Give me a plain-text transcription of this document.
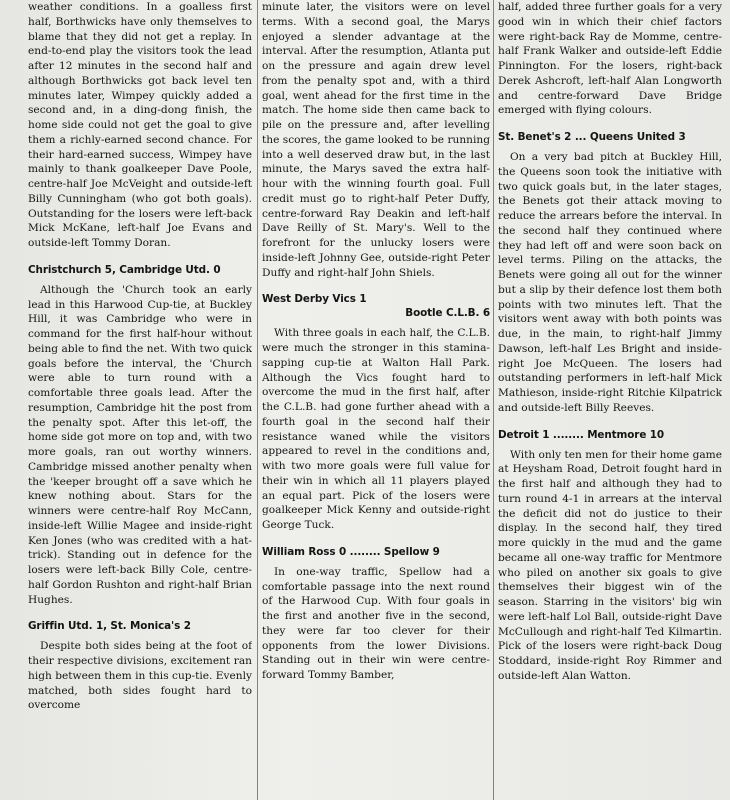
weather conditions. In a goalless first half, Borthwicks have only themselves to blame that they did not get a replay. In end-to-end play the visitors took the lead after 12 minutes in the second half and although Borthwicks got back level ten minutes later, Wimpey quickly added a second and, in a ding-dong finish, the home side could not get the goal to give them a richly-earned second chance. For their hard-earned success, Wimpey have mainly to thank goalkeeper Dave Poole, centre-half Joe McVeight and outside-left Billy Cunningham (who got both goals). Outstanding for the losers were left-back Mick McKane, left-half Joe Evans and outside-left Tommy Doran.

Christchurch 5, Cambridge Utd. 0

Although the 'Church took an early lead in this Harwood Cup-tie, at Buckley Hill, it was Cambridge who were in command for the first half-hour without being able to find the net. With two quick goals before the interval, the 'Church were able to turn round with a comfortable three goals lead. After the resumption, Cambridge hit the post from the penalty spot. After this let-off, the home side got more on top and, with two more goals, ran out worthy winners. Cambridge missed another penalty when the 'keeper brought off a save which he knew nothing about. Stars for the winners were centre-half Roy McCann, inside-left Willie Magee and inside-right Ken Jones (who was credited with a hat-trick). Standing out in defence for the losers were left-back Billy Cole, centre-half Gordon Rushton and right-half Brian Hughes.

Griffin Utd. 1, St. Monica's 2

Despite both sides being at the foot of their respective divisions, excitement ran high between them in this cup-tie. Evenly matched, both sides fought hard to overcome

minute later, the visitors were on level terms. With a second goal, the Marys enjoyed a slender advantage at the interval. After the resumption, Atlanta put on the pressure and again drew level from the penalty spot and, with a third goal, went ahead for the first time in the match. The home side then came back to pile on the pressure and, after levelling the scores, the game looked to be running into a well deserved draw but, in the last minute, the Marys saved the extra half-hour with the winning fourth goal. Full credit must go to right-half Peter Duffy, centre-forward Ray Deakin and left-half Dave Reilly of St. Mary's. Well to the forefront for the unlucky losers were inside-left Johnny Gee, outside-right Peter Duffy and right-half John Shiels.

West Derby Vics 1
Bootle C.L.B. 6

With three goals in each half, the C.L.B. were much the stronger in this stamina-sapping cup-tie at Walton Hall Park. Although the Vics fought hard to overcome the mud in the first half, after the C.L.B. had gone further ahead with a fourth goal in the second half their resistance waned while the visitors appeared to revel in the conditions and, with two more goals were full value for their win in which all 11 players played an equal part. Pick of the losers were goalkeeper Mick Kenny and outside-right George Tuck.

William Ross 0 ........ Spellow 9

In one-way traffic, Spellow had a comfortable passage into the next round of the Harwood Cup. With four goals in the first and another five in the second, they were far too clever for their opponents from the lower Divisions. Standing out in their win were centre-forward Tommy Bamber,

half, added three further goals for a very good win in which their chief factors were right-back Ray de Momme, centre-half Frank Walker and outside-left Eddie Pinnington. For the losers, right-back Derek Ashcroft, left-half Alan Longworth and centre-forward Dave Bridge emerged with flying colours.

St. Benet's 2 ... Queens United 3

On a very bad pitch at Buckley Hill, the Queens soon took the initiative with two quick goals but, in the later stages, the Benets got their attack moving to reduce the arrears before the interval. In the second half they continued where they had left off and were soon back on level terms. Piling on the attacks, the Benets were going all out for the winner but a slip by their defence lost them both points with two minutes left. That the visitors went away with both points was due, in the main, to right-half Jimmy Dawson, left-half Les Bright and inside-right Joe McQueen. The losers had outstanding performers in left-half Mick Mathieson, inside-right Ritchie Kilpatrick and outside-left Billy Reeves.

Detroit 1 ........ Mentmore 10

With only ten men for their home game at Heysham Road, Detroit fought hard in the first half and although they had to turn round 4-1 in arrears at the interval the deficit did not do justice to their display. In the second half, they tired more quickly in the mud and the game became all one-way traffic for Mentmore who piled on another six goals to give themselves their biggest win of the season. Starring in the visitors' big win were left-half Lol Ball, outside-right Dave McCullough and right-half Ted Kilmartin. Pick of the losers were right-back Doug Stoddard, inside-right Roy Rimmer and outside-left Alan Watton.
